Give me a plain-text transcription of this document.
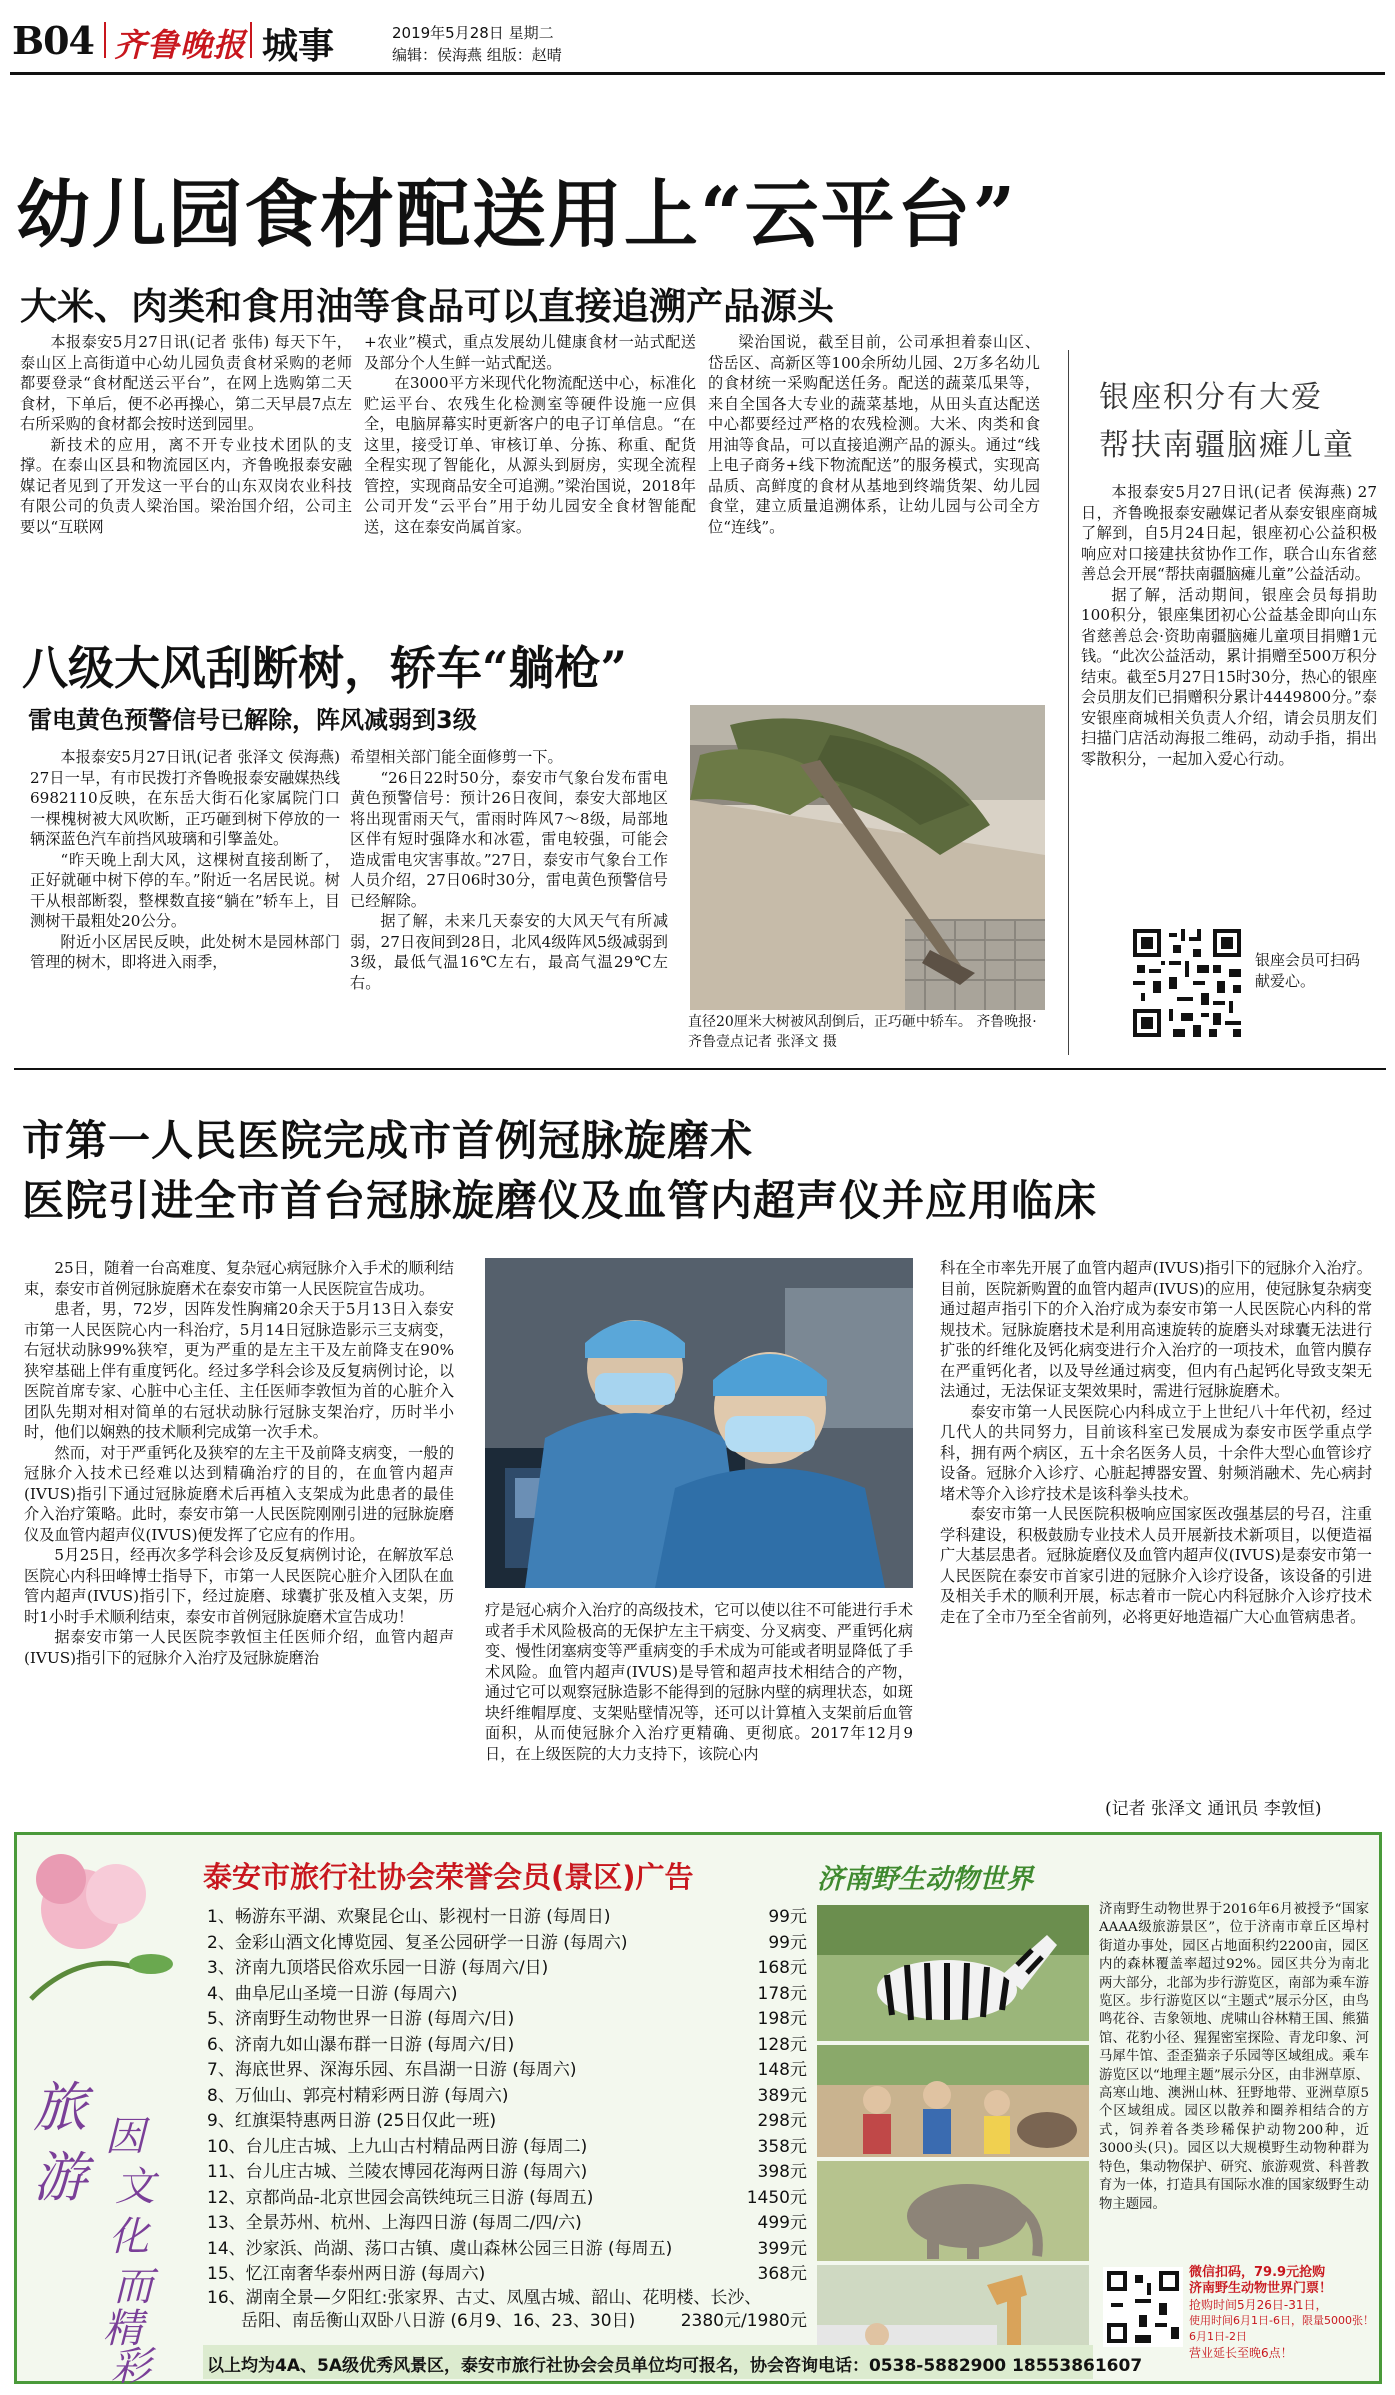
B04 齐鲁晚报 城事	2019年5月28日 星期二
编辑：侯海燕 组版：赵晴
幼儿园食材配送用上“云平台”
大米、肉类和食用油等食品可以直接追溯产品源头

本报泰安5月27日讯(记者 张伟) 每天下午，泰山区上高街道中心幼儿园负责食材采购的老师都要登录“食材配送云平台”，在网上选购第二天食材，下单后，便不必再操心，第二天早晨7点左右所采购的食材都会按时送到园里。

新技术的应用，离不开专业技术团队的支撑。在泰山区县和物流园区内，齐鲁晚报泰安融媒记者见到了开发这一平台的山东双岗农业科技有限公司的负责人梁治国。梁治国介绍，公司主要以“互联网

+农业”模式，重点发展幼儿健康食材一站式配送及部分个人生鲜一站式配送。

在3000平方米现代化物流配送中心，标准化贮运平台、农残生化检测室等硬件设施一应俱全，电脑屏幕实时更新客户的电子订单信息。“在这里，接受订单、审核订单、分拣、称重、配货全程实现了智能化，从源头到厨房，实现全流程管控，实现商品安全可追溯。”梁治国说，2018年公司开发“云平台”用于幼儿园安全食材智能配送，这在泰安尚属首家。

梁治国说，截至目前，公司承担着泰山区、岱岳区、高新区等100余所幼儿园、2万多名幼儿的食材统一采购配送任务。配送的蔬菜瓜果等，来自全国各大专业的蔬菜基地，从田头直达配送中心都要经过严格的农残检测。大米、肉类和食用油等食品，可以直接追溯产品的源头。通过“线上电子商务+线下物流配送”的服务模式，实现高品质、高鲜度的食材从基地到终端货架、幼儿园食堂，建立质量追溯体系，让幼儿园与公司全方位“连线”。

银座积分有大爱
帮扶南疆脑瘫儿童

本报泰安5月27日讯(记者 侯海燕) 27日，齐鲁晚报泰安融媒记者从泰安银座商城了解到，自5月24日起，银座初心公益积极响应对口接建扶贫协作工作，联合山东省慈善总会开展“帮扶南疆脑瘫儿童”公益活动。

据了解，活动期间，银座会员每捐助100积分，银座集团初心公益基金即向山东省慈善总会·资助南疆脑瘫儿童项目捐赠1元钱。“此次公益活动，累计捐赠至500万积分结束。截至5月27日15时30分，热心的银座会员朋友们已捐赠积分累计4449800分。”泰安银座商城相关负责人介绍，请会员朋友们扫描门店活动海报二维码，动动手指，捐出零散积分，一起加入爱心行动。

银座会员可扫码献爱心。
八级大风刮断树，轿车“躺枪”
雷电黄色预警信号已解除，阵风减弱到3级

本报泰安5月27日讯(记者 张泽文 侯海燕) 27日一早，有市民拨打齐鲁晚报泰安融媒热线6982110反映，在东岳大街石化家属院门口一棵槐树被大风吹断，正巧砸到树下停放的一辆深蓝色汽车前挡风玻璃和引擎盖处。

“昨天晚上刮大风，这棵树直接刮断了，正好就砸中树下停的车。”附近一名居民说。树干从根部断裂，整棵数直接“躺在”轿车上，目测树干最粗处20公分。

附近小区居民反映，此处树木是园林部门管理的树木，即将进入雨季，

希望相关部门能全面修剪一下。

“26日22时50分，泰安市气象台发布雷电黄色预警信号：预计26日夜间，泰安大部地区将出现雷雨天气，雷雨时阵风7～8级，局部地区伴有短时强降水和冰雹，雷电较强，可能会造成雷电灾害事故。”27日，泰安市气象台工作人员介绍，27日06时30分，雷电黄色预警信号已经解除。

据了解，未来几天泰安的大风天气有所减弱，27日夜间到28日，北风4级阵风5级减弱到3级，最低气温16℃左右，最高气温29℃左右。

直径20厘米大树被风刮倒后，正巧砸中轿车。 齐鲁晚报·齐鲁壹点记者 张泽文 摄
市第一人民医院完成市首例冠脉旋磨术
医院引进全市首台冠脉旋磨仪及血管内超声仪并应用临床

25日，随着一台高难度、复杂冠心病冠脉介入手术的顺利结束，泰安市首例冠脉旋磨术在泰安市第一人民医院宣告成功。

患者，男，72岁，因阵发性胸痛20余天于5月13日入泰安市第一人民医院心内一科治疗，5月14日冠脉造影示三支病变，右冠状动脉99%狭窄，更为严重的是左主干及左前降支在90%狭窄基础上伴有重度钙化。经过多学科会诊及反复病例讨论，以医院首席专家、心脏中心主任、主任医师李敦恒为首的心脏介入团队先期对相对简单的右冠状动脉行冠脉支架治疗，历时半小时，他们以娴熟的技术顺利完成第一次手术。

然而，对于严重钙化及狭窄的左主干及前降支病变，一般的冠脉介入技术已经难以达到精确治疗的目的，在血管内超声(IVUS)指引下通过冠脉旋磨术后再植入支架成为此患者的最佳介入治疗策略。此时，泰安市第一人民医院刚刚引进的冠脉旋磨仪及血管内超声仪(IVUS)便发挥了它应有的作用。

5月25日，经再次多学科会诊及反复病例讨论，在解放军总医院心内科田峰博士指导下，市第一人民医院心脏介入团队在血管内超声(IVUS)指引下，经过旋磨、球囊扩张及植入支架，历时1小时手术顺利结束，泰安市首例冠脉旋磨术宣告成功！

据泰安市第一人民医院李敦恒主任医师介绍，血管内超声(IVUS)指引下的冠脉介入治疗及冠脉旋磨治

疗是冠心病介入治疗的高级技术，它可以使以往不可能进行手术或者手术风险极高的无保护左主干病变、分叉病变、严重钙化病变、慢性闭塞病变等严重病变的手术成为可能或者明显降低了手术风险。血管内超声(IVUS)是导管和超声技术相结合的产物，通过它可以观察冠脉造影不能得到的冠脉内壁的病理状态，如斑块纤维帽厚度、支架贴壁情况等，还可以计算植入支架前后血管面积，从而使冠脉介入治疗更精确、更彻底。2017年12月9日，在上级医院的大力支持下，该院心内

科在全市率先开展了血管内超声(IVUS)指引下的冠脉介入治疗。目前，医院新购置的血管内超声(IVUS)的应用，使冠脉复杂病变通过超声指引下的介入治疗成为泰安市第一人民医院心内科的常规技术。冠脉旋磨技术是利用高速旋转的旋磨头对球囊无法进行扩张的纤维化及钙化病变进行介入治疗的一项技术，血管内膜存在严重钙化者，以及导丝通过病变，但内有凸起钙化导致支架无法通过，无法保证支架效果时，需进行冠脉旋磨术。

泰安市第一人民医院心内科成立于上世纪八十年代初，经过几代人的共同努力，目前该科室已发展成为泰安市医学重点学科，拥有两个病区，五十余名医务人员，十余件大型心血管诊疗设备。冠脉介入诊疗、心脏起搏器安置、射频消融术、先心病封堵术等介入诊疗技术是该科拳头技术。

泰安市第一人民医院积极响应国家医改强基层的号召，注重学科建设，积极鼓励专业技术人员开展新技术新项目，以便造福广大基层患者。冠脉旋磨仪及血管内超声仪(IVUS)是泰安市第一人民医院在泰安市首家引进的冠脉介入诊疗设备，该设备的引进及相关手术的顺利开展，标志着市一院心内科冠脉介入诊疗技术走在了全市乃至全省前列，必将更好地造福广大心血管病患者。

(记者 张泽文 通讯员 李敦恒)
旅
游
因
文
化
而
精
彩
泰安市旅行社协会荣誉会员(景区)广告
1、畅游东平湖、欢聚昆仑山、影视村一日游 (每周日)	99元
2、金彩山酒文化博览园、复圣公园研学一日游 (每周六)	99元
3、济南九顶塔民俗欢乐园一日游 (每周六/日)	168元
4、曲阜尼山圣境一日游 (每周六)	178元
5、济南野生动物世界一日游 (每周六/日)	198元
6、济南九如山瀑布群一日游 (每周六/日)	128元
7、海底世界、深海乐园、东昌湖一日游 (每周六)	148元
8、万仙山、郭亮村精彩两日游 (每周六)	389元
9、红旗渠特惠两日游 (25日仅此一班)	298元
10、台儿庄古城、上九山古村精品两日游 (每周二)	358元
11、台儿庄古城、兰陵农博园花海两日游 (每周六)	398元
12、京都尚品-北京世园会高铁纯玩三日游 (每周五)	1450元
13、全景苏州、杭州、上海四日游 (每周二/四/六)	499元
14、沙家浜、尚湖、荡口古镇、虞山森林公园三日游 (每周五)	399元
15、忆江南奢华泰州两日游 (每周六)	368元
16、湖南全景—夕阳红:张家界、古丈、凤凰古城、韶山、花明楼、长沙、
岳阳、南岳衡山双卧八日游 (6月9、16、23、30日)	2380元/1980元
济南野生动物世界
济南野生动物世界于2016年6月被授予“国家AAAA级旅游景区”，位于济南市章丘区埠村街道办事处，园区占地面积约2200亩，园区内的森林覆盖率超过92%。园区共分为南北两大部分，北部为步行游览区，南部为乘车游览区。步行游览区以“主题式”展示分区，由鸟鸣花谷、吉象领地、虎啸山谷林精王国、熊猫馆、花豹小径、猩猩密室探险、青龙印象、河马犀牛馆、歪歪猫亲子乐园等区域组成。乘车游览区以“地理主题”展示分区，由非洲草原、高寒山地、澳洲山林、狂野地带、亚洲草原5个区域组成。园区以散养和圈养相结合的方式，饲养着各类珍稀保护动物200种，近3000头(只)。园区以大规模野生动物种群为特色，集动物保护、研究、旅游观赏、科普教育为一体，打造具有国际水准的国家级野生动物主题园。
微信扣码，79.9元抢购
济南野生动物世界门票！
抢购时间5月26日-31日，
使用时间6月1日-6日，限量5000张！6月1日-2日
营业延长至晚6点！
以上均为4A、5A级优秀风景区，泰安市旅行社协会会员单位均可报名，协会咨询电话：0538-5882900 18553861607
